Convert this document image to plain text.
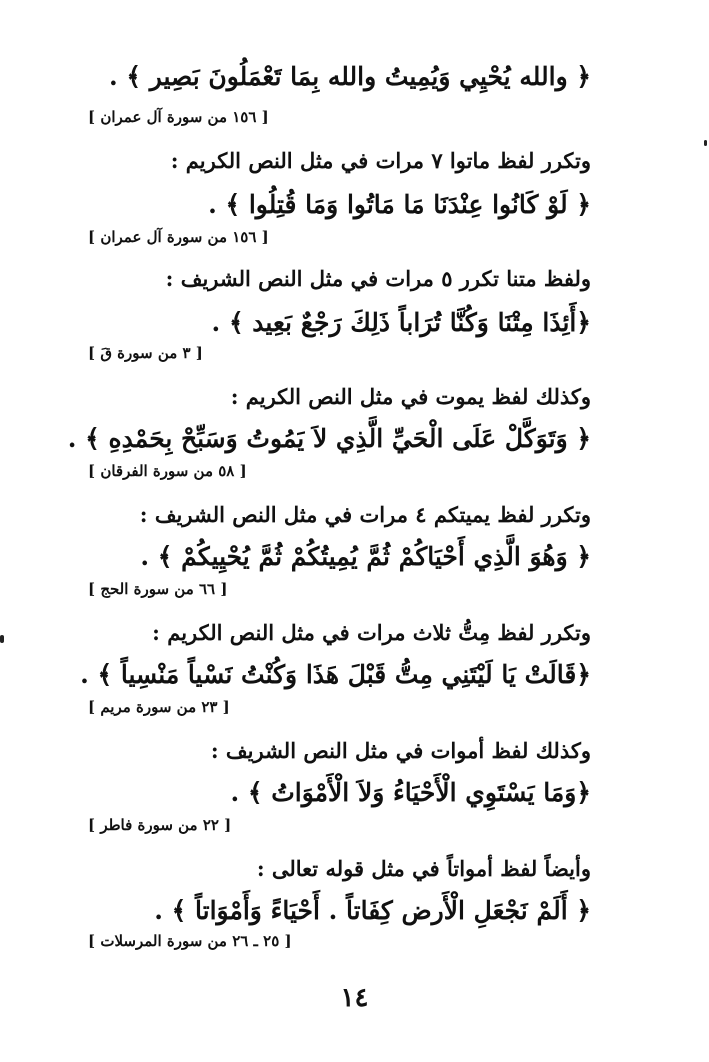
﴿ والله يُحْيِي وَيُمِيتُ والله بِمَا تَعْمَلُونَ بَصِير ﴾ .
[ ١٥٦ من سورة آل عمران ]
وتكرر لفظ ماتوا ٧ مرات في مثل النص الكريم :
﴿ لَوْ كَانُوا عِنْدَنَا مَا مَاتُوا وَمَا قُتِلُوا ﴾ .
[ ١٥٦ من سورة آل عمران ]
ولفظ متنا تكرر ٥ مرات في مثل النص الشريف :
﴿أَئِذَا مِتْنَا وَكُنَّا تُرَاباً ذَلِكَ رَجْعٌ بَعِيد ﴾ .
[ ٣ من سورة قَ ]
وكذلك لفظ يموت في مثل النص الكريم :
﴿ وَتَوَكَّلْ عَلَى الْحَيِّ الَّذِي لاَ يَمُوتُ وَسَبِّحْ بِحَمْدِهِ ﴾ .
[ ٥٨ من سورة الفرقان ]
وتكرر لفظ يميتكم ٤ مرات في مثل النص الشريف :
﴿ وَهُوَ الَّذِي أَحْيَاكُمْ ثُمَّ يُمِيتُكُمْ ثُمَّ يُحْيِيكُمْ ﴾ .
[ ٦٦ من سورة الحج ]
وتكرر لفظ مِتُّ ثلاث مرات في مثل النص الكريم :
﴿قَالَتْ يَا لَيْتَنِي مِتُّ قَبْلَ هَذَا وَكُنْتُ نَسْياً مَنْسِياً ﴾ .
[ ٢٣ من سورة مريم ]
وكذلك لفظ أموات في مثل النص الشريف :
﴿وَمَا يَسْتَوِي الْأَحْيَاءُ وَلاَ الْأَمْوَاتُ ﴾ .
[ ٢٢ من سورة فاطر ]
وأيضاً لفظ أمواتاً في مثل قوله تعالى :
﴿ أَلَمْ نَجْعَلِ الْأَرض كِفَاتاً . أَحْيَاءً وَأَمْوَاتاً ﴾ .
[ ٢٥ ـ ٢٦ من سورة المرسلات ]
١٤
